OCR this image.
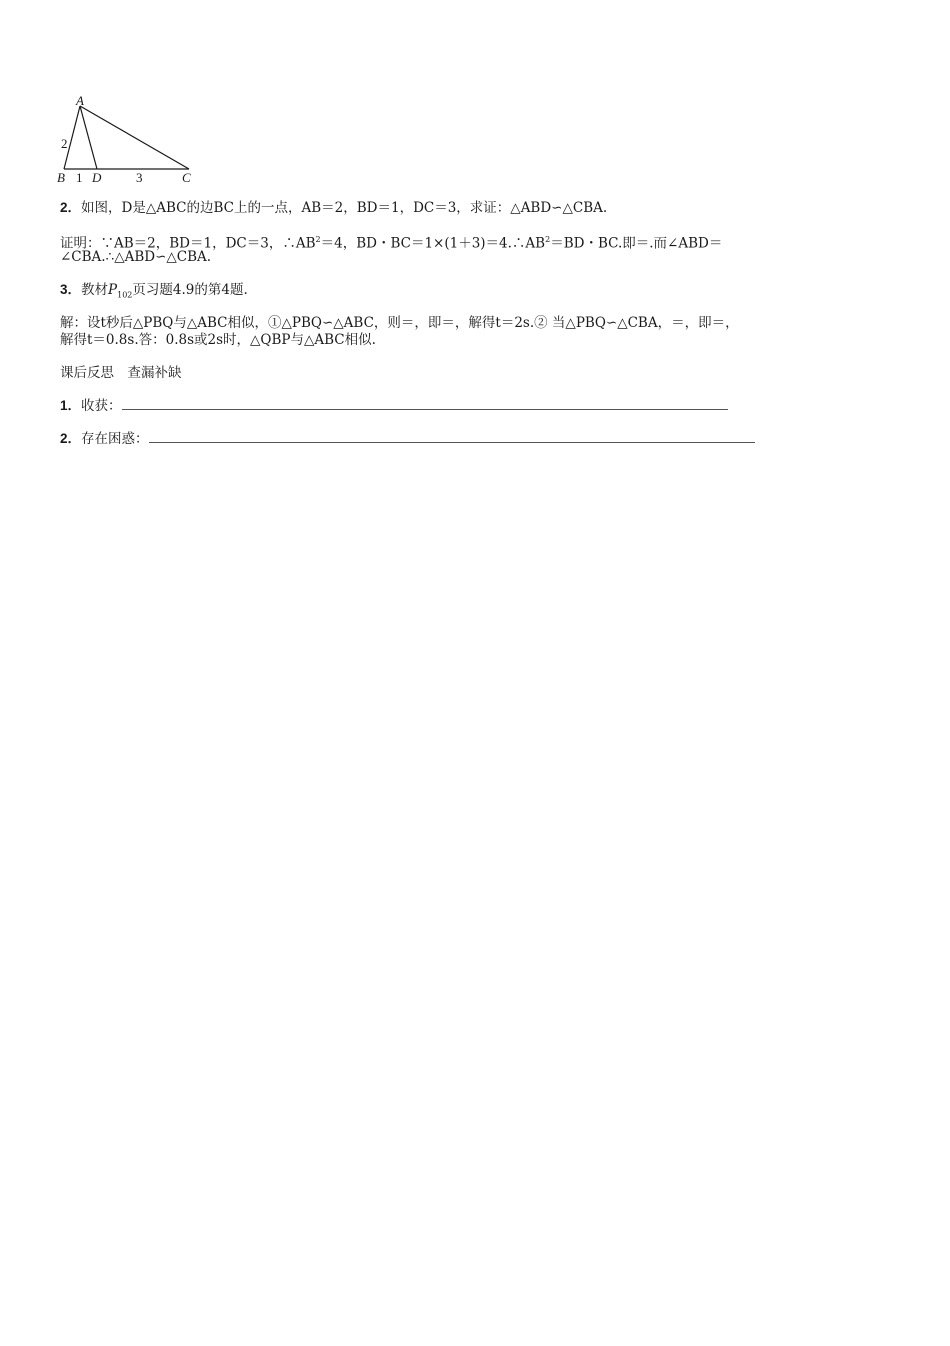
A
B D	C
2
1	3
2．如图，D是△ABC的边BC上的一点，AB＝2，BD＝1，DC＝3，求证：△ABD∽△CBA.
证明：∵AB＝2，BD＝1，DC＝3，$\therefore AB^2=4$，BD・$BC=1\times(1+3)=4.\therefore AB^2=BD$・BC.即＝.而∠ABD＝
∠CBA.∴△ABD∽△CBA.
3．教材$P_{102}$页习题4.9的第4题.
解：设t秒后△PBQ与△ABC相似，①△PBQ∽△ABC，则＝，即＝，解得t＝2s.② 当△PBQ∽△CBA，＝，即＝，
解得t＝0.8s.答：0.8s或2s时，△QBP与△ABC相似.
课后反思　查漏补缺
1．收获：
2．存在困惑：
